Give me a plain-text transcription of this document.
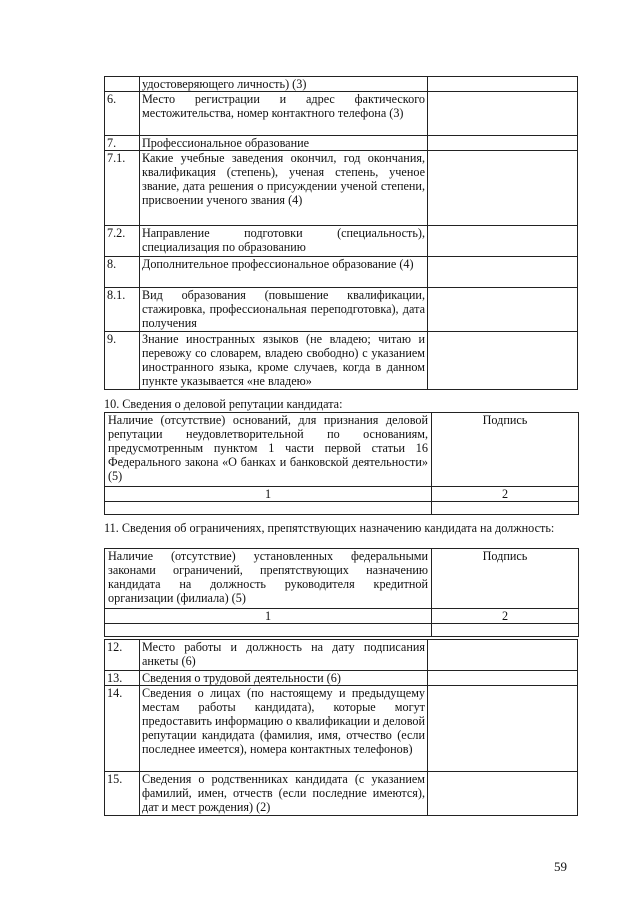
	удостоверяющего личность) (3)	
6.	Место регистрации и адрес фактического местожительства, номер контактного телефона (3)	
7.	Профессиональное образование	
7.1.	Какие учебные заведения окончил, год окончания, квалификация (степень), ученая степень, ученое звание, дата решения о присуждении ученой степени, присвоении ученого звания (4)	
7.2.	Направление подготовки (специальность), специализация по образованию	
8.	Дополнительное профессиональное образование (4)	
8.1.	Вид образования (повышение квалификации, стажировка, профессиональная переподготовка), дата получения	
9.	Знание иностранных языков (не владею; читаю и перевожу со словарем, владею свободно) с указанием иностранного языка, кроме случаев, когда в данном пункте указывается «не владею»	
10. Сведения о деловой репутации кандидата:
Наличие (отсутствие) оснований, для признания деловой репутации неудовлетворительной по основаниям, предусмотренным пунктом 1 части первой статьи 16 Федерального закона «О банках и банковской деятельности» (5)	Подпись
1	2

11. Сведения об ограничениях, препятствующих назначению кандидата на должность:
Наличие (отсутствие) установленных федеральными законами ограничений, препятствующих назначению кандидата на должность руководителя кредитной организации (филиала) (5)	Подпись
1	2

12.	Место работы и должность на дату подписания анкеты (6)	
13.	Сведения о трудовой деятельности (6)	
14.	Сведения о лицах (по настоящему и предыдущему местам работы кандидата), которые могут предоставить информацию о квалификации и деловой репутации кандидата (фамилия, имя, отчество (если последнее имеется), номера контактных телефонов)	
15.	Сведения о родственниках кандидата (с указанием фамилий, имен, отчеств (если последние имеются), дат и мест рождения) (2)	
59
